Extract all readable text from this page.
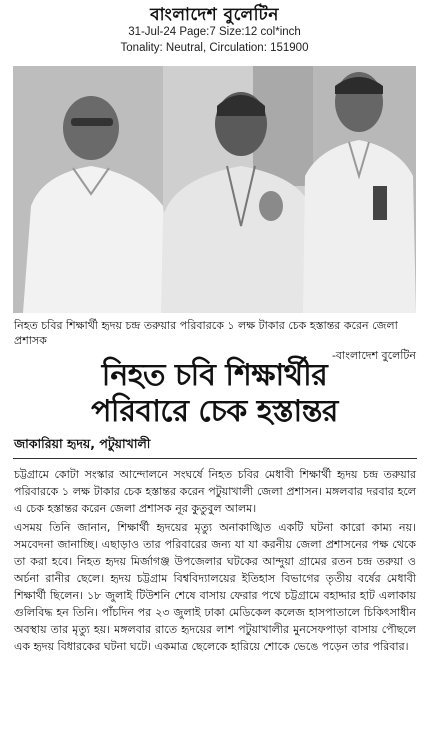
বাংলাদেশ বুলেটিন
31-Jul-24 Page:7 Size:12 col*inch
Tonality: Neutral, Circulation: 151900
নিহত চবির শিক্ষার্থী হৃদয় চন্দ্র তরুয়ার পরিবারকে ১ লক্ষ টাকার চেক হস্তান্তর করেন জেলা প্রশাসক
-বাংলাদেশ বুলেটিন
নিহত চবি শিক্ষার্থীর
পরিবারে চেক হস্তান্তর
জাকারিয়া হৃদয়, পটুয়াখালী

চট্টগ্রামে কোটা সংস্কার আন্দোলনে সংঘর্ষে নিহত চবির মেধাবী শিক্ষার্থী হৃদয় চন্দ্র তরুয়ার পরিবারকে ১ লক্ষ টাকার চেক হস্তান্তর করেন পটুয়াখালী জেলা প্রশাসন। মঙ্গলবার দরবার হলে এ চেক হস্তান্তর করেন জেলা প্রশাসক নূর কুতুবুল আলম।

এসময় তিনি জানান, শিক্ষার্থী হৃদয়ের মৃত্যু অনাকাঙ্খিত একটি ঘটনা কারো কাম্য নয়। সমবেদনা জানাচ্ছি। এছাড়াও তার পরিবারের জন্য যা যা করনীয় জেলা প্রশাসনের পক্ষ থেকে তা করা হবে। নিহত হৃদয় মির্জাগঞ্জ উপজেলার ঘটকের আন্দুয়া গ্রামের রতন চন্দ্র তরুয়া ও অর্চনা রানীর ছেলে। হৃদয় চট্টগ্রাম বিশ্ববিদ্যালয়ের ইতিহাস বিভাগের তৃতীয় বর্ষের মেধাবী শিক্ষার্থী ছিলেন। ১৮ জুলাই টিউশনি শেষে বাসায় ফেরার পথে চট্টগ্রামে বহাদ্দার হাট এলাকায় গুলিবিদ্ধ হন তিনি। পাঁচদিন পর ২৩ জুলাই ঢাকা মেডিকেল কলেজ হাসপাতালে চিকিৎসাধীন অবস্থায় তার মৃত্যু হয়। মঙ্গলবার রাতে হৃদয়ের লাশ পটুয়াখালীর মুনসেফপাড়া বাসায় পৌছলে এক হৃদয় বিধারকের ঘটনা ঘটে। একমাত্র ছেলেকে হারিয়ে শোকে ভেঙে পড়েন তার পরিবার।
